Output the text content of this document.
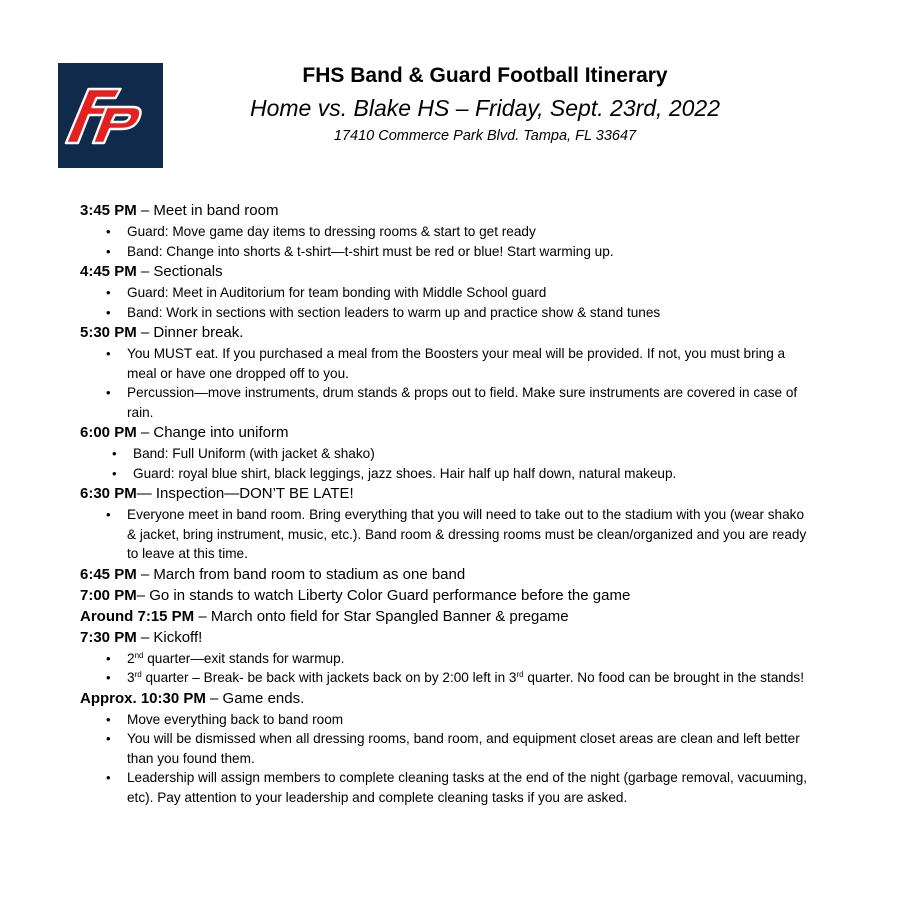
FHS Band & Guard Football Itinerary
Home vs. Blake HS – Friday, Sept. 23rd, 2022
17410 Commerce Park Blvd. Tampa, FL 33647
3:45 PM – Meet in band room
• Guard: Move game day items to dressing rooms & start to get ready
• Band: Change into shorts & t-shirt—t-shirt must be red or blue! Start warming up.
4:45 PM – Sectionals
• Guard: Meet in Auditorium for team bonding with Middle School guard
• Band: Work in sections with section leaders to warm up and practice show & stand tunes
5:30 PM – Dinner break.
• You MUST eat. If you purchased a meal from the Boosters your meal will be provided. If not, you must bring a meal or have one dropped off to you.
• Percussion—move instruments, drum stands & props out to field. Make sure instruments are covered in case of rain.
6:00 PM – Change into uniform
• Band: Full Uniform (with jacket & shako)
• Guard: royal blue shirt, black leggings, jazz shoes. Hair half up half down, natural makeup.
6:30 PM— Inspection—DON’T BE LATE!
• Everyone meet in band room. Bring everything that you will need to take out to the stadium with you (wear shako & jacket, bring instrument, music, etc.). Band room & dressing rooms must be clean/organized and you are ready to leave at this time.
6:45 PM – March from band room to stadium as one band
7:00 PM– Go in stands to watch Liberty Color Guard performance before the game
Around 7:15 PM – March onto field for Star Spangled Banner & pregame
7:30 PM – Kickoff!
• 2nd quarter—exit stands for warmup.
• 3rd quarter – Break- be back with jackets back on by 2:00 left in 3rd quarter. No food can be brought in the stands!
Approx. 10:30 PM – Game ends.
• Move everything back to band room
• You will be dismissed when all dressing rooms, band room, and equipment closet areas are clean and left better than you found them.
• Leadership will assign members to complete cleaning tasks at the end of the night (garbage removal, vacuuming, etc). Pay attention to your leadership and complete cleaning tasks if you are asked.
